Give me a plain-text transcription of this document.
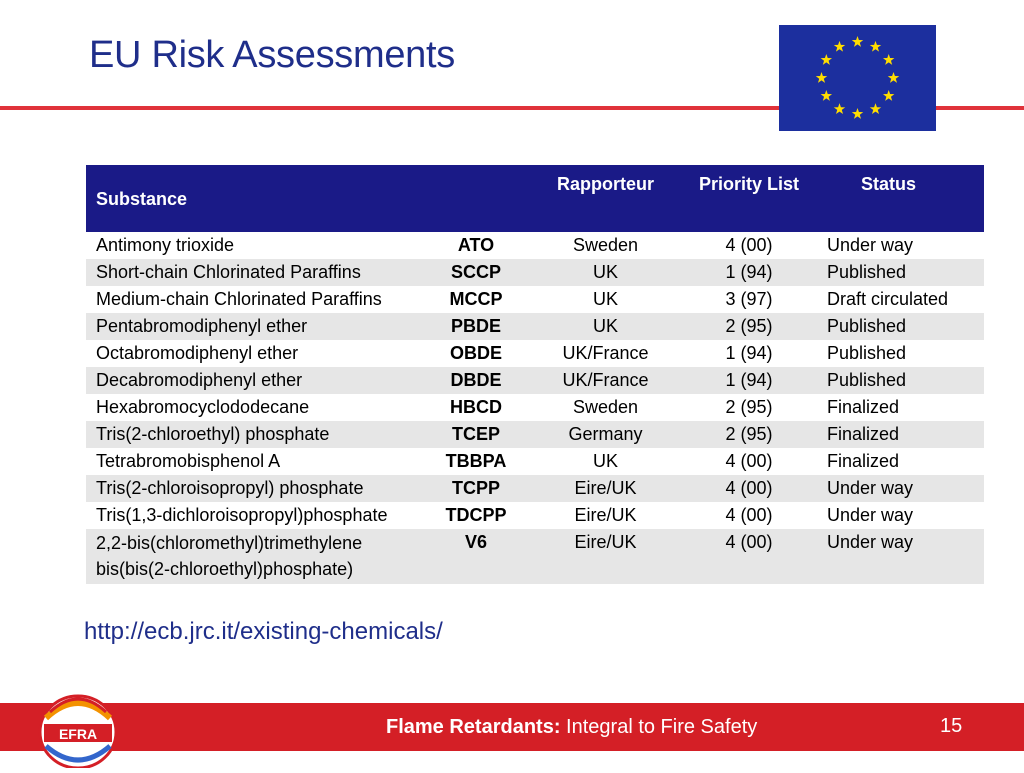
EU Risk Assessments
Substance		Rapporteur	Priority List	Status
Antimony trioxide	ATO	Sweden	4 (00)	Under way
Short-chain Chlorinated Paraffins	SCCP	UK	1 (94)	Published
Medium-chain Chlorinated Paraffins	MCCP	UK	3 (97)	Draft circulated
Pentabromodiphenyl ether	PBDE	UK	2 (95)	Published
Octabromodiphenyl ether	OBDE	UK/France	1 (94)	Published
Decabromodiphenyl ether	DBDE	UK/France	1 (94)	Published
Hexabromocyclododecane	HBCD	Sweden	2 (95)	Finalized
Tris(2-chloroethyl) phosphate	TCEP	Germany	2 (95)	Finalized
Tetrabromobisphenol A	TBBPA	UK	4 (00)	Finalized
Tris(2-chloroisopropyl) phosphate	TCPP	Eire/UK	4 (00)	Under way
Tris(1,3-dichloroisopropyl)phosphate	TDCPP	Eire/UK	4 (00)	Under way
2,2-bis(chloromethyl)trimethylene bis(bis(2-chloroethyl)phosphate)	V6	Eire/UK	4 (00)	Under way
http://ecb.jrc.it/existing-chemicals/
EFRA	Flame Retardants: Integral to Fire Safety	15
